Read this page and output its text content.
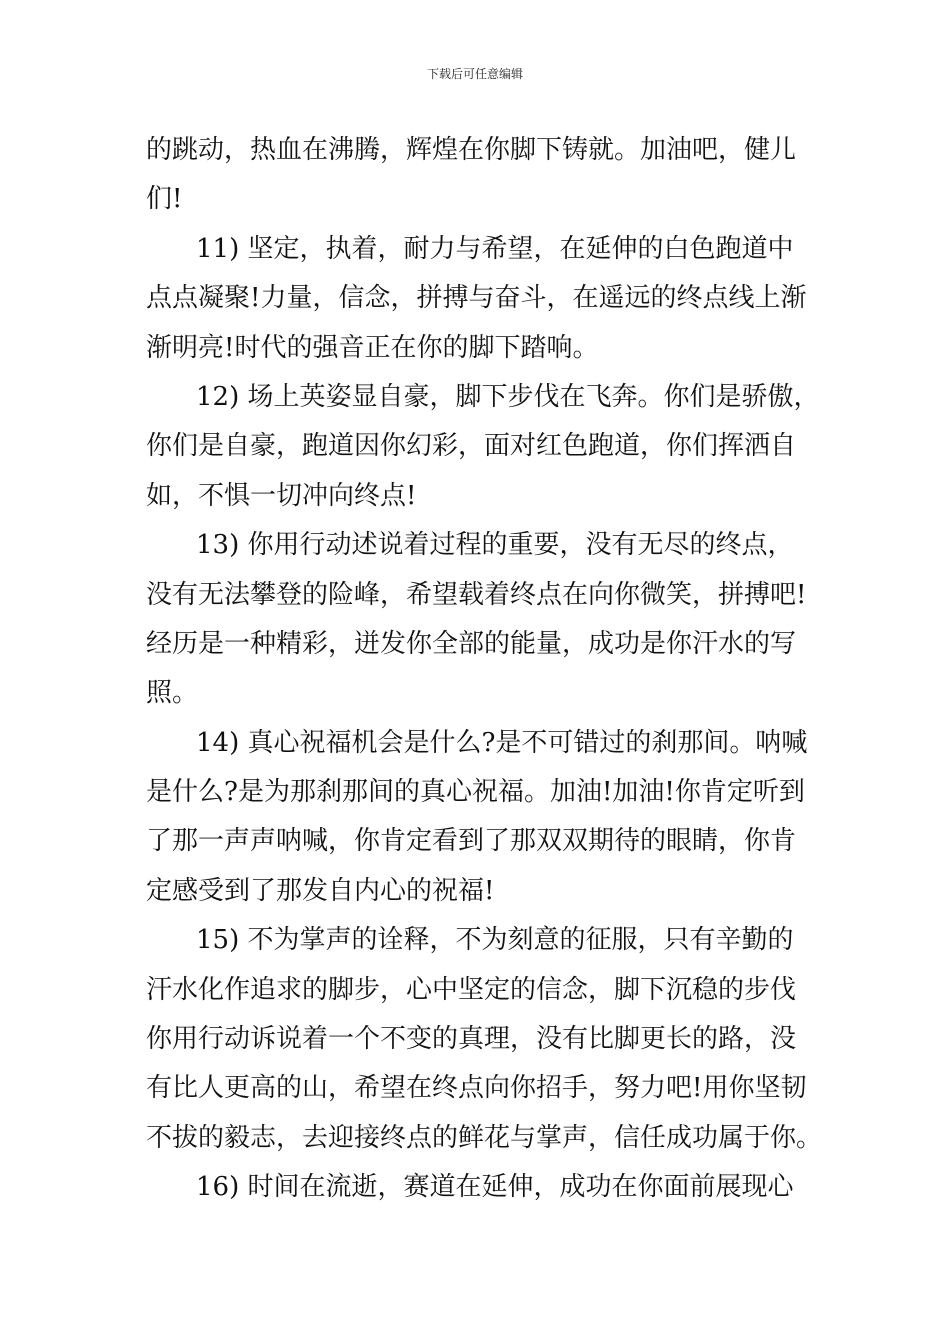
下载后可任意编辑
的跳动，热血在沸腾，辉煌在你脚下铸就。加油吧，健儿
们!
11) 坚定，执着，耐力与希望，在延伸的白色跑道中
点点凝聚!力量，信念，拼搏与奋斗，在遥远的终点线上渐
渐明亮!时代的强音正在你的脚下踏响。
12) 场上英姿显自豪，脚下步伐在飞奔。你们是骄傲，
你们是自豪，跑道因你幻彩，面对红色跑道，你们挥洒自
如，不惧一切冲向终点!
13) 你用行动述说着过程的重要，没有无尽的终点，
没有无法攀登的险峰，希望载着终点在向你微笑，拼搏吧!
经历是一种精彩，迸发你全部的能量，成功是你汗水的写
照。
14) 真心祝福机会是什么?是不可错过的刹那间。呐喊
是什么?是为那刹那间的真心祝福。加油!加油!你肯定听到
了那一声声呐喊，你肯定看到了那双双期待的眼睛，你肯
定感受到了那发自内心的祝福!
15) 不为掌声的诠释，不为刻意的征服，只有辛勤的
汗水化作追求的脚步，心中坚定的信念，脚下沉稳的步伐
你用行动诉说着一个不变的真理，没有比脚更长的路，没
有比人更高的山，希望在终点向你招手，努力吧!用你坚韧
不拔的毅志，去迎接终点的鲜花与掌声，信任成功属于你。
16) 时间在流逝，赛道在延伸，成功在你面前展现心
